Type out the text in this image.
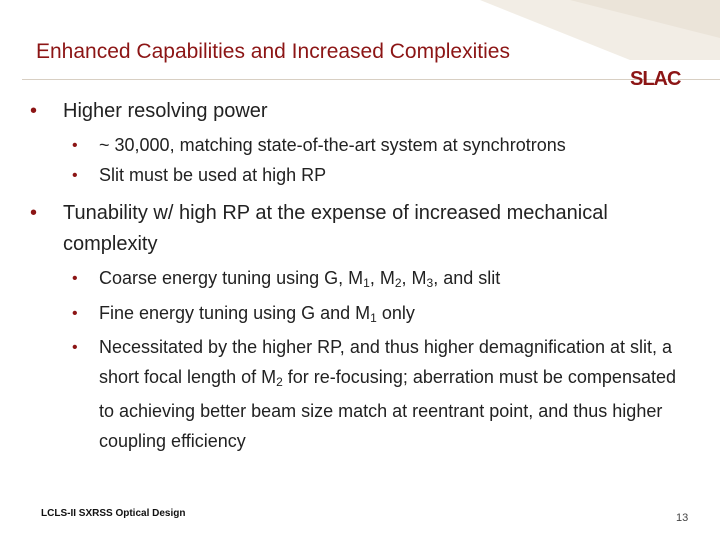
Enhanced Capabilities and Increased Complexities
SLAC
• Higher resolving power
• ~ 30,000, matching state-of-the-art system at synchrotrons
• Slit must be used at high RP
• Tunability w/ high RP at the expense of increased mechanical complexity
• Coarse energy tuning using G, $M_1$, $M_2$, $M_3$, and slit
• Fine energy tuning using G and $M_1$ only
• Necessitated by the higher RP, and thus higher demagnification at slit, a short focal length of $M_2$ for re-focusing; aberration must be compensated to achieving better beam size match at reentrant point, and thus higher coupling efficiency
LCLS-II SXRSS Optical Design	13
